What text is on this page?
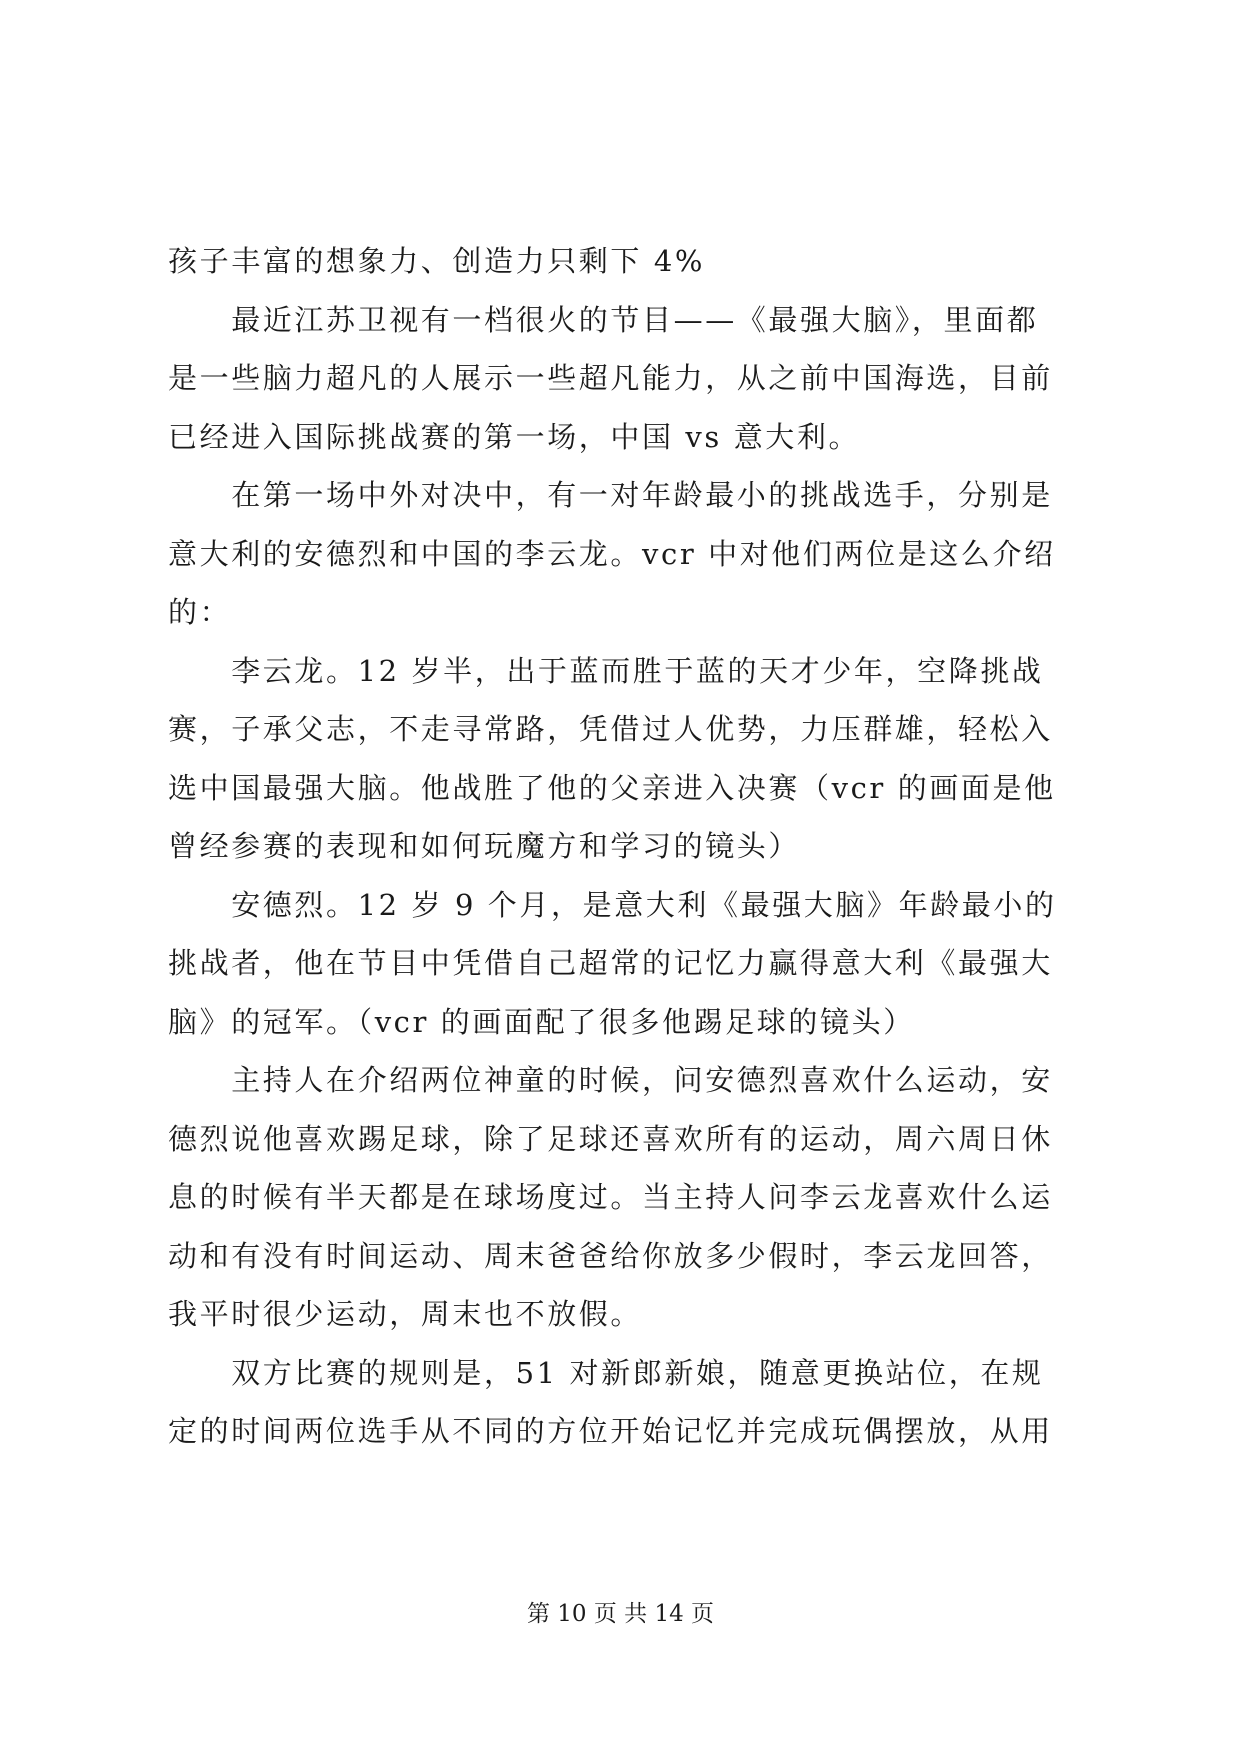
孩子丰富的想象力、创造力只剩下 4%
　　最近江苏卫视有一档很火的节目——《最强大脑》，里面都
是一些脑力超凡的人展示一些超凡能力，从之前中国海选，目前
已经进入国际挑战赛的第一场，中国 vs 意大利。
　　在第一场中外对决中，有一对年龄最小的挑战选手，分别是
意大利的安德烈和中国的李云龙。vcr 中对他们两位是这么介绍
的：
　　李云龙。12 岁半，出于蓝而胜于蓝的天才少年，空降挑战
赛，子承父志，不走寻常路，凭借过人优势，力压群雄，轻松入
选中国最强大脑。他战胜了他的父亲进入决赛（vcr 的画面是他
曾经参赛的表现和如何玩魔方和学习的镜头）
　　安德烈。12 岁 9 个月，是意大利《最强大脑》年龄最小的
挑战者，他在节目中凭借自己超常的记忆力赢得意大利《最强大
脑》的冠军。（vcr 的画面配了很多他踢足球的镜头）
　　主持人在介绍两位神童的时候，问安德烈喜欢什么运动，安
德烈说他喜欢踢足球，除了足球还喜欢所有的运动，周六周日休
息的时候有半天都是在球场度过。当主持人问李云龙喜欢什么运
动和有没有时间运动、周末爸爸给你放多少假时，李云龙回答，
我平时很少运动，周末也不放假。
　　双方比赛的规则是，51 对新郎新娘，随意更换站位，在规
定的时间两位选手从不同的方位开始记忆并完成玩偶摆放，从用
第 10 页 共 14 页
